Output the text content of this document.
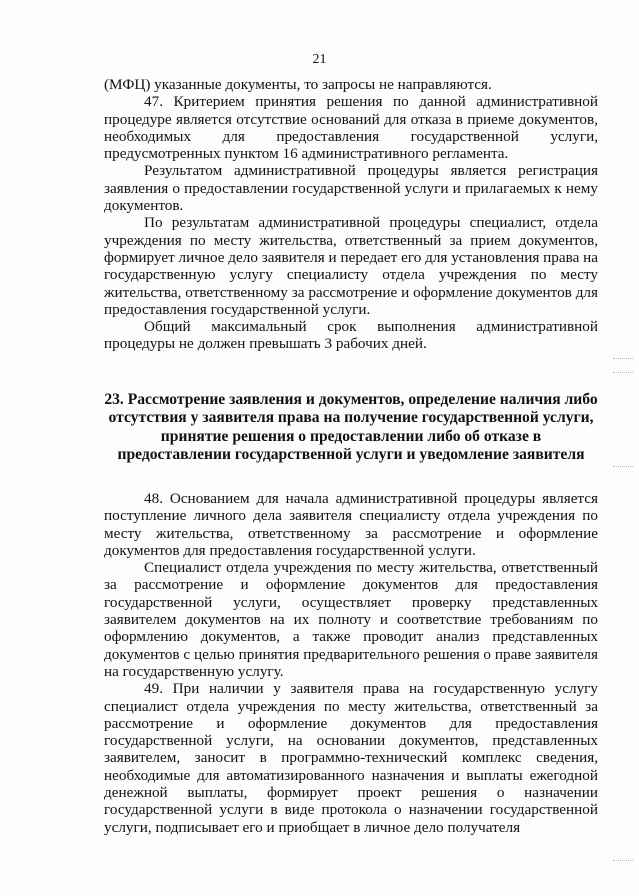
21

(МФЦ) указанные документы, то запросы не направляются.

47. Критерием принятия решения по данной административной процедуре является отсутствие оснований для отказа в приеме документов, необходимых для предоставления государственной услуги, предусмотренных пунктом 16 административного регламента.

Результатом административной процедуры является регистрация заявления о предоставлении государственной услуги и прилагаемых к нему документов.

По результатам административной процедуры специалист, отдела учреждения по месту жительства, ответственный за прием документов, формирует личное дело заявителя и передает его для установления права на государственную услугу специалисту отдела учреждения по месту жительства, ответственному за рассмотрение и оформление документов для предоставления государственной услуги.

Общий максимальный срок выполнения административной процедуры не должен превышать 3 рабочих дней.

23. Рассмотрение заявления и документов, определение наличия либо отсутствия у заявителя права на получение государственной услуги, принятие решения о предоставлении либо об отказе в предоставлении государственной услуги и уведомление заявителя

48. Основанием для начала административной процедуры является поступление личного дела заявителя специалисту отдела учреждения по месту жительства, ответственному за рассмотрение и оформление документов для предоставления государственной услуги.

Специалист отдела учреждения по месту жительства, ответственный за рассмотрение и оформление документов для предоставления государственной услуги, осуществляет проверку представленных заявителем документов на их полноту и соответствие требованиям по оформлению документов, а также проводит анализ представленных документов с целью принятия предварительного решения о праве заявителя на государственную услугу.

49. При наличии у заявителя права на государственную услугу специалист отдела учреждения по месту жительства, ответственный за рассмотрение и оформление документов для предоставления государственной услуги, на основании документов, представленных заявителем, заносит в программно-технический комплекс сведения, необходимые для автоматизированного назначения и выплаты ежегодной денежной выплаты, формирует проект решения о назначении государственной услуги в виде протокола о назначении государственной услуги, подписывает его и приобщает в личное дело получателя
